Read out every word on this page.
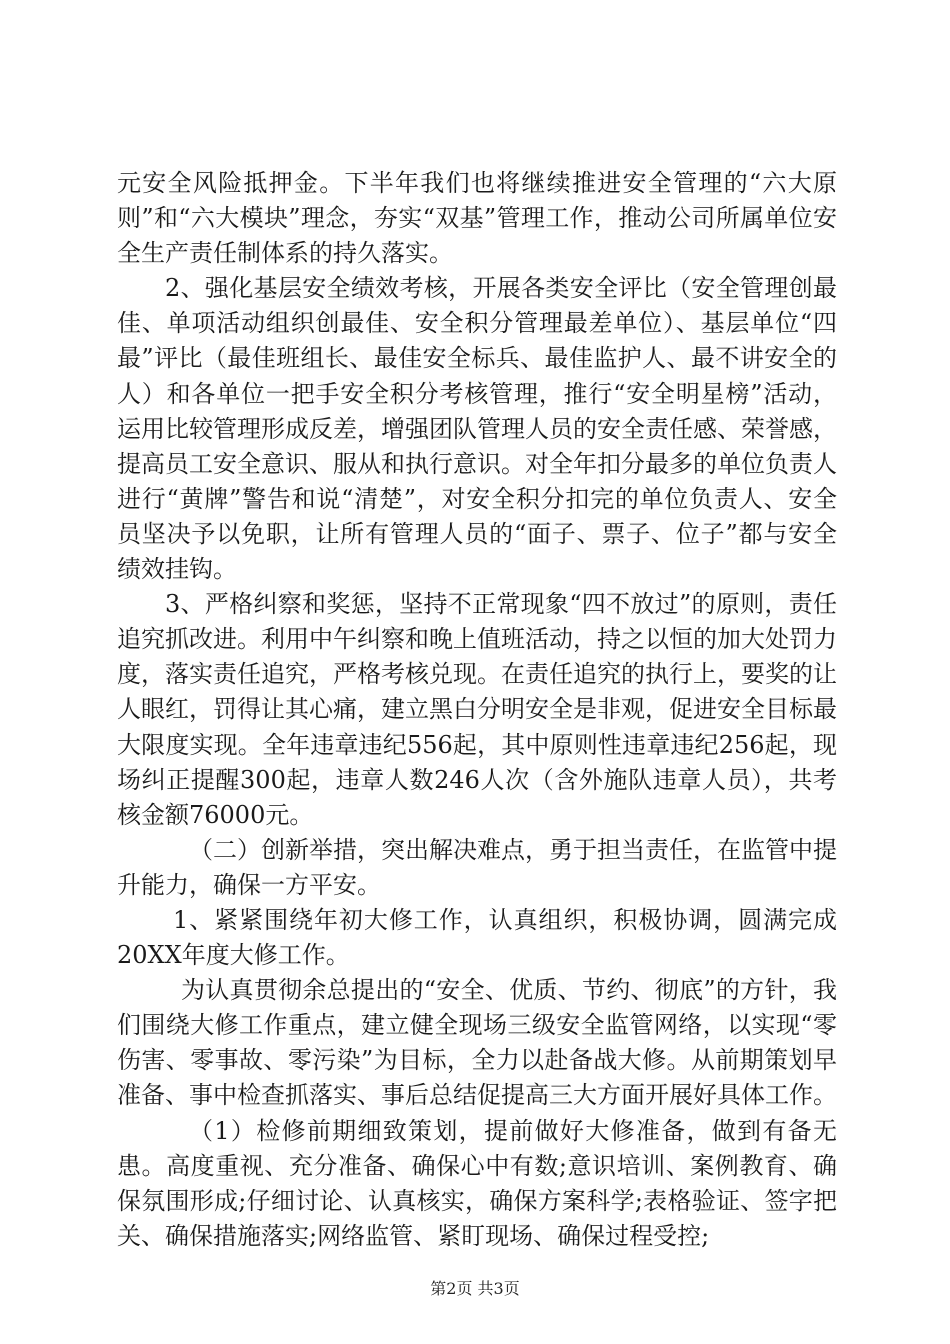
元安全风险抵押金。下半年我们也将继续推进安全管理的“六大原则”和“六大模块”理念，夯实“双基”管理工作，推动公司所属单位安全生产责任制体系的持久落实。

2、强化基层安全绩效考核，开展各类安全评比（安全管理创最佳、单项活动组织创最佳、安全积分管理最差单位）、基层单位“四最”评比（最佳班组长、最佳安全标兵、最佳监护人、最不讲安全的人）和各单位一把手安全积分考核管理，推行“安全明星榜”活动，运用比较管理形成反差，增强团队管理人员的安全责任感、荣誉感，提高员工安全意识、服从和执行意识。对全年扣分最多的单位负责人进行“黄牌”警告和说“清楚”，对安全积分扣完的单位负责人、安全员坚决予以免职，让所有管理人员的“面子、票子、位子”都与安全绩效挂钩。

3、严格纠察和奖惩，坚持不正常现象“四不放过”的原则，责任追究抓改进。利用中午纠察和晚上值班活动，持之以恒的加大处罚力度，落实责任追究，严格考核兑现。在责任追究的执行上，要奖的让人眼红，罚得让其心痛，建立黑白分明安全是非观，促进安全目标最大限度实现。全年违章违纪556起，其中原则性违章违纪256起，现场纠正提醒300起，违章人数246人次（含外施队违章人员），共考核金额76000元。

（二）创新举措，突出解决难点，勇于担当责任，在监管中提升能力，确保一方平安。

1、紧紧围绕年初大修工作，认真组织，积极协调，圆满完成20XX年度大修工作。

为认真贯彻余总提出的“安全、优质、节约、彻底”的方针，我们围绕大修工作重点，建立健全现场三级安全监管网络，以实现“零伤害、零事故、零污染”为目标，全力以赴备战大修。从前期策划早准备、事中检查抓落实、事后总结促提高三大方面开展好具体工作。

（1）检修前期细致策划，提前做好大修准备，做到有备无患。高度重视、充分准备、确保心中有数;意识培训、案例教育、确保氛围形成;仔细讨论、认真核实，确保方案科学;表格验证、签字把关、确保措施落实;网络监管、紧盯现场、确保过程受控;

第2页 共3页
